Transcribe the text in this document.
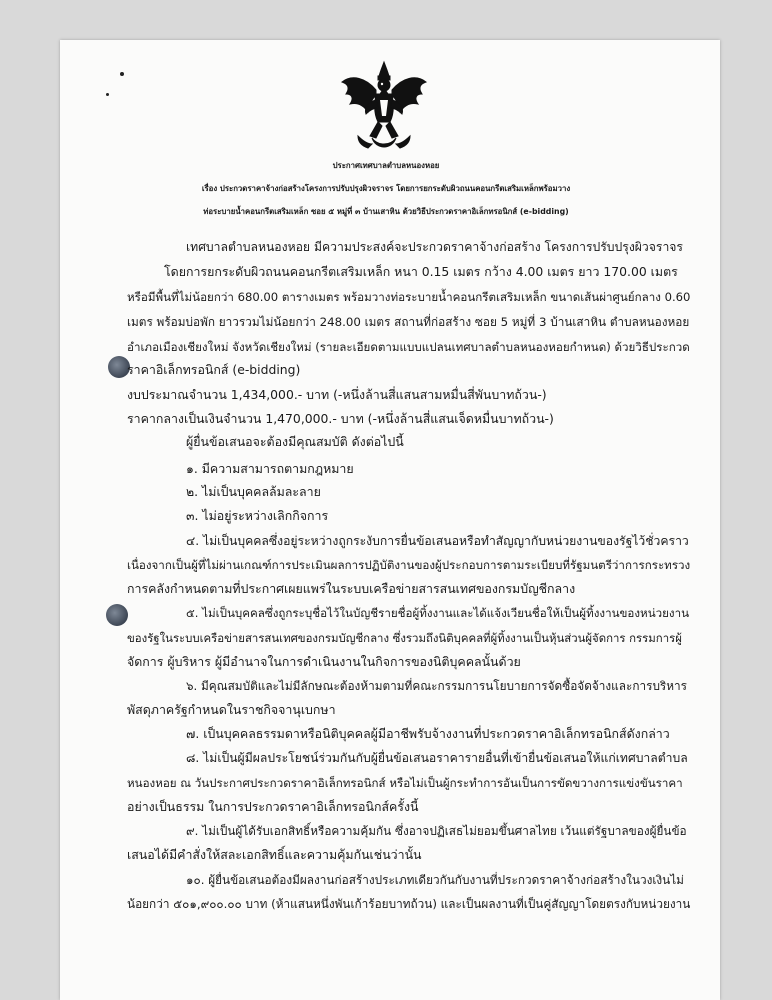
ประกาศเทศบาลตำบลหนองหอย
เรื่อง ประกวดราคาจ้างก่อสร้างโครงการปรับปรุงผิวจราจร โดยการยกระดับผิวถนนคอนกรีตเสริมเหล็กพร้อมวาง
ท่อระบายน้ำคอนกรีตเสริมเหล็ก ซอย ๕ หมู่ที่ ๓ บ้านเสาหิน ด้วยวิธีประกวดราคาอิเล็กทรอนิกส์ (e-bidding)
เทศบาลตำบลหนองหอย มีความประสงค์จะประกวดราคาจ้างก่อสร้าง โครงการปรับปรุงผิวจราจร
โดยการยกระดับผิวถนนคอนกรีตเสริมเหล็ก หนา 0.15 เมตร กว้าง 4.00 เมตร ยาว 170.00 เมตร
หรือมีพื้นที่ไม่น้อยกว่า 680.00 ตารางเมตร พร้อมวางท่อระบายน้ำคอนกรีตเสริมเหล็ก ขนาดเส้นผ่าศูนย์กลาง 0.60
เมตร พร้อมบ่อพัก ยาวรวมไม่น้อยกว่า 248.00 เมตร สถานที่ก่อสร้าง ซอย 5 หมู่ที่ 3 บ้านเสาหิน ตำบลหนองหอย
อำเภอเมืองเชียงใหม่ จังหวัดเชียงใหม่ (รายละเอียดตามแบบแปลนเทศบาลตำบลหนองหอยกำหนด) ด้วยวิธีประกวด
ราคาอิเล็กทรอนิกส์ (e-bidding)
งบประมาณจำนวน 1,434,000.- บาท (-หนึ่งล้านสี่แสนสามหมื่นสี่พันบาทถ้วน-)
ราคากลางเป็นเงินจำนวน 1,470,000.- บาท (-หนึ่งล้านสี่แสนเจ็ดหมื่นบาทถ้วน-)
ผู้ยื่นข้อเสนอจะต้องมีคุณสมบัติ ดังต่อไปนี้
๑. มีความสามารถตามกฎหมาย
๒. ไม่เป็นบุคคลล้มละลาย
๓. ไม่อยู่ระหว่างเลิกกิจการ
๔. ไม่เป็นบุคคลซึ่งอยู่ระหว่างถูกระงับการยื่นข้อเสนอหรือทำสัญญากับหน่วยงานของรัฐไว้ชั่วคราว
เนื่องจากเป็นผู้ที่ไม่ผ่านเกณฑ์การประเมินผลการปฏิบัติงานของผู้ประกอบการตามระเบียบที่รัฐมนตรีว่าการกระทรวง
การคลังกำหนดตามที่ประกาศเผยแพร่ในระบบเครือข่ายสารสนเทศของกรมบัญชีกลาง
๕. ไม่เป็นบุคคลซึ่งถูกระบุชื่อไว้ในบัญชีรายชื่อผู้ทิ้งงานและได้แจ้งเวียนชื่อให้เป็นผู้ทิ้งงานของหน่วยงาน
ของรัฐในระบบเครือข่ายสารสนเทศของกรมบัญชีกลาง ซึ่งรวมถึงนิติบุคคลที่ผู้ทิ้งงานเป็นหุ้นส่วนผู้จัดการ กรรมการผู้
จัดการ ผู้บริหาร ผู้มีอำนาจในการดำเนินงานในกิจการของนิติบุคคลนั้นด้วย
๖. มีคุณสมบัติและไม่มีลักษณะต้องห้ามตามที่คณะกรรมการนโยบายการจัดซื้อจัดจ้างและการบริหาร
พัสดุภาครัฐกำหนดในราชกิจจานุเบกษา
๗. เป็นบุคคลธรรมดาหรือนิติบุคคลผู้มีอาชีพรับจ้างงานที่ประกวดราคาอิเล็กทรอนิกส์ดังกล่าว
๘. ไม่เป็นผู้มีผลประโยชน์ร่วมกันกับผู้ยื่นข้อเสนอราคารายอื่นที่เข้ายื่นข้อเสนอให้แก่เทศบาลตำบล
หนองหอย ณ วันประกาศประกวดราคาอิเล็กทรอนิกส์ หรือไม่เป็นผู้กระทำการอันเป็นการขัดขวางการแข่งขันราคา
อย่างเป็นธรรม ในการประกวดราคาอิเล็กทรอนิกส์ครั้งนี้
๙. ไม่เป็นผู้ได้รับเอกสิทธิ์หรือความคุ้มกัน ซึ่งอาจปฏิเสธไม่ยอมขึ้นศาลไทย เว้นแต่รัฐบาลของผู้ยื่นข้อ
เสนอได้มีคำสั่งให้สละเอกสิทธิ์และความคุ้มกันเช่นว่านั้น
๑๐. ผู้ยื่นข้อเสนอต้องมีผลงานก่อสร้างประเภทเดียวกันกับงานที่ประกวดราคาจ้างก่อสร้างในวงเงินไม่
น้อยกว่า ๕๐๑,๙๐๐.๐๐ บาท (ห้าแสนหนึ่งพันเก้าร้อยบาทถ้วน) และเป็นผลงานที่เป็นคู่สัญญาโดยตรงกับหน่วยงาน
